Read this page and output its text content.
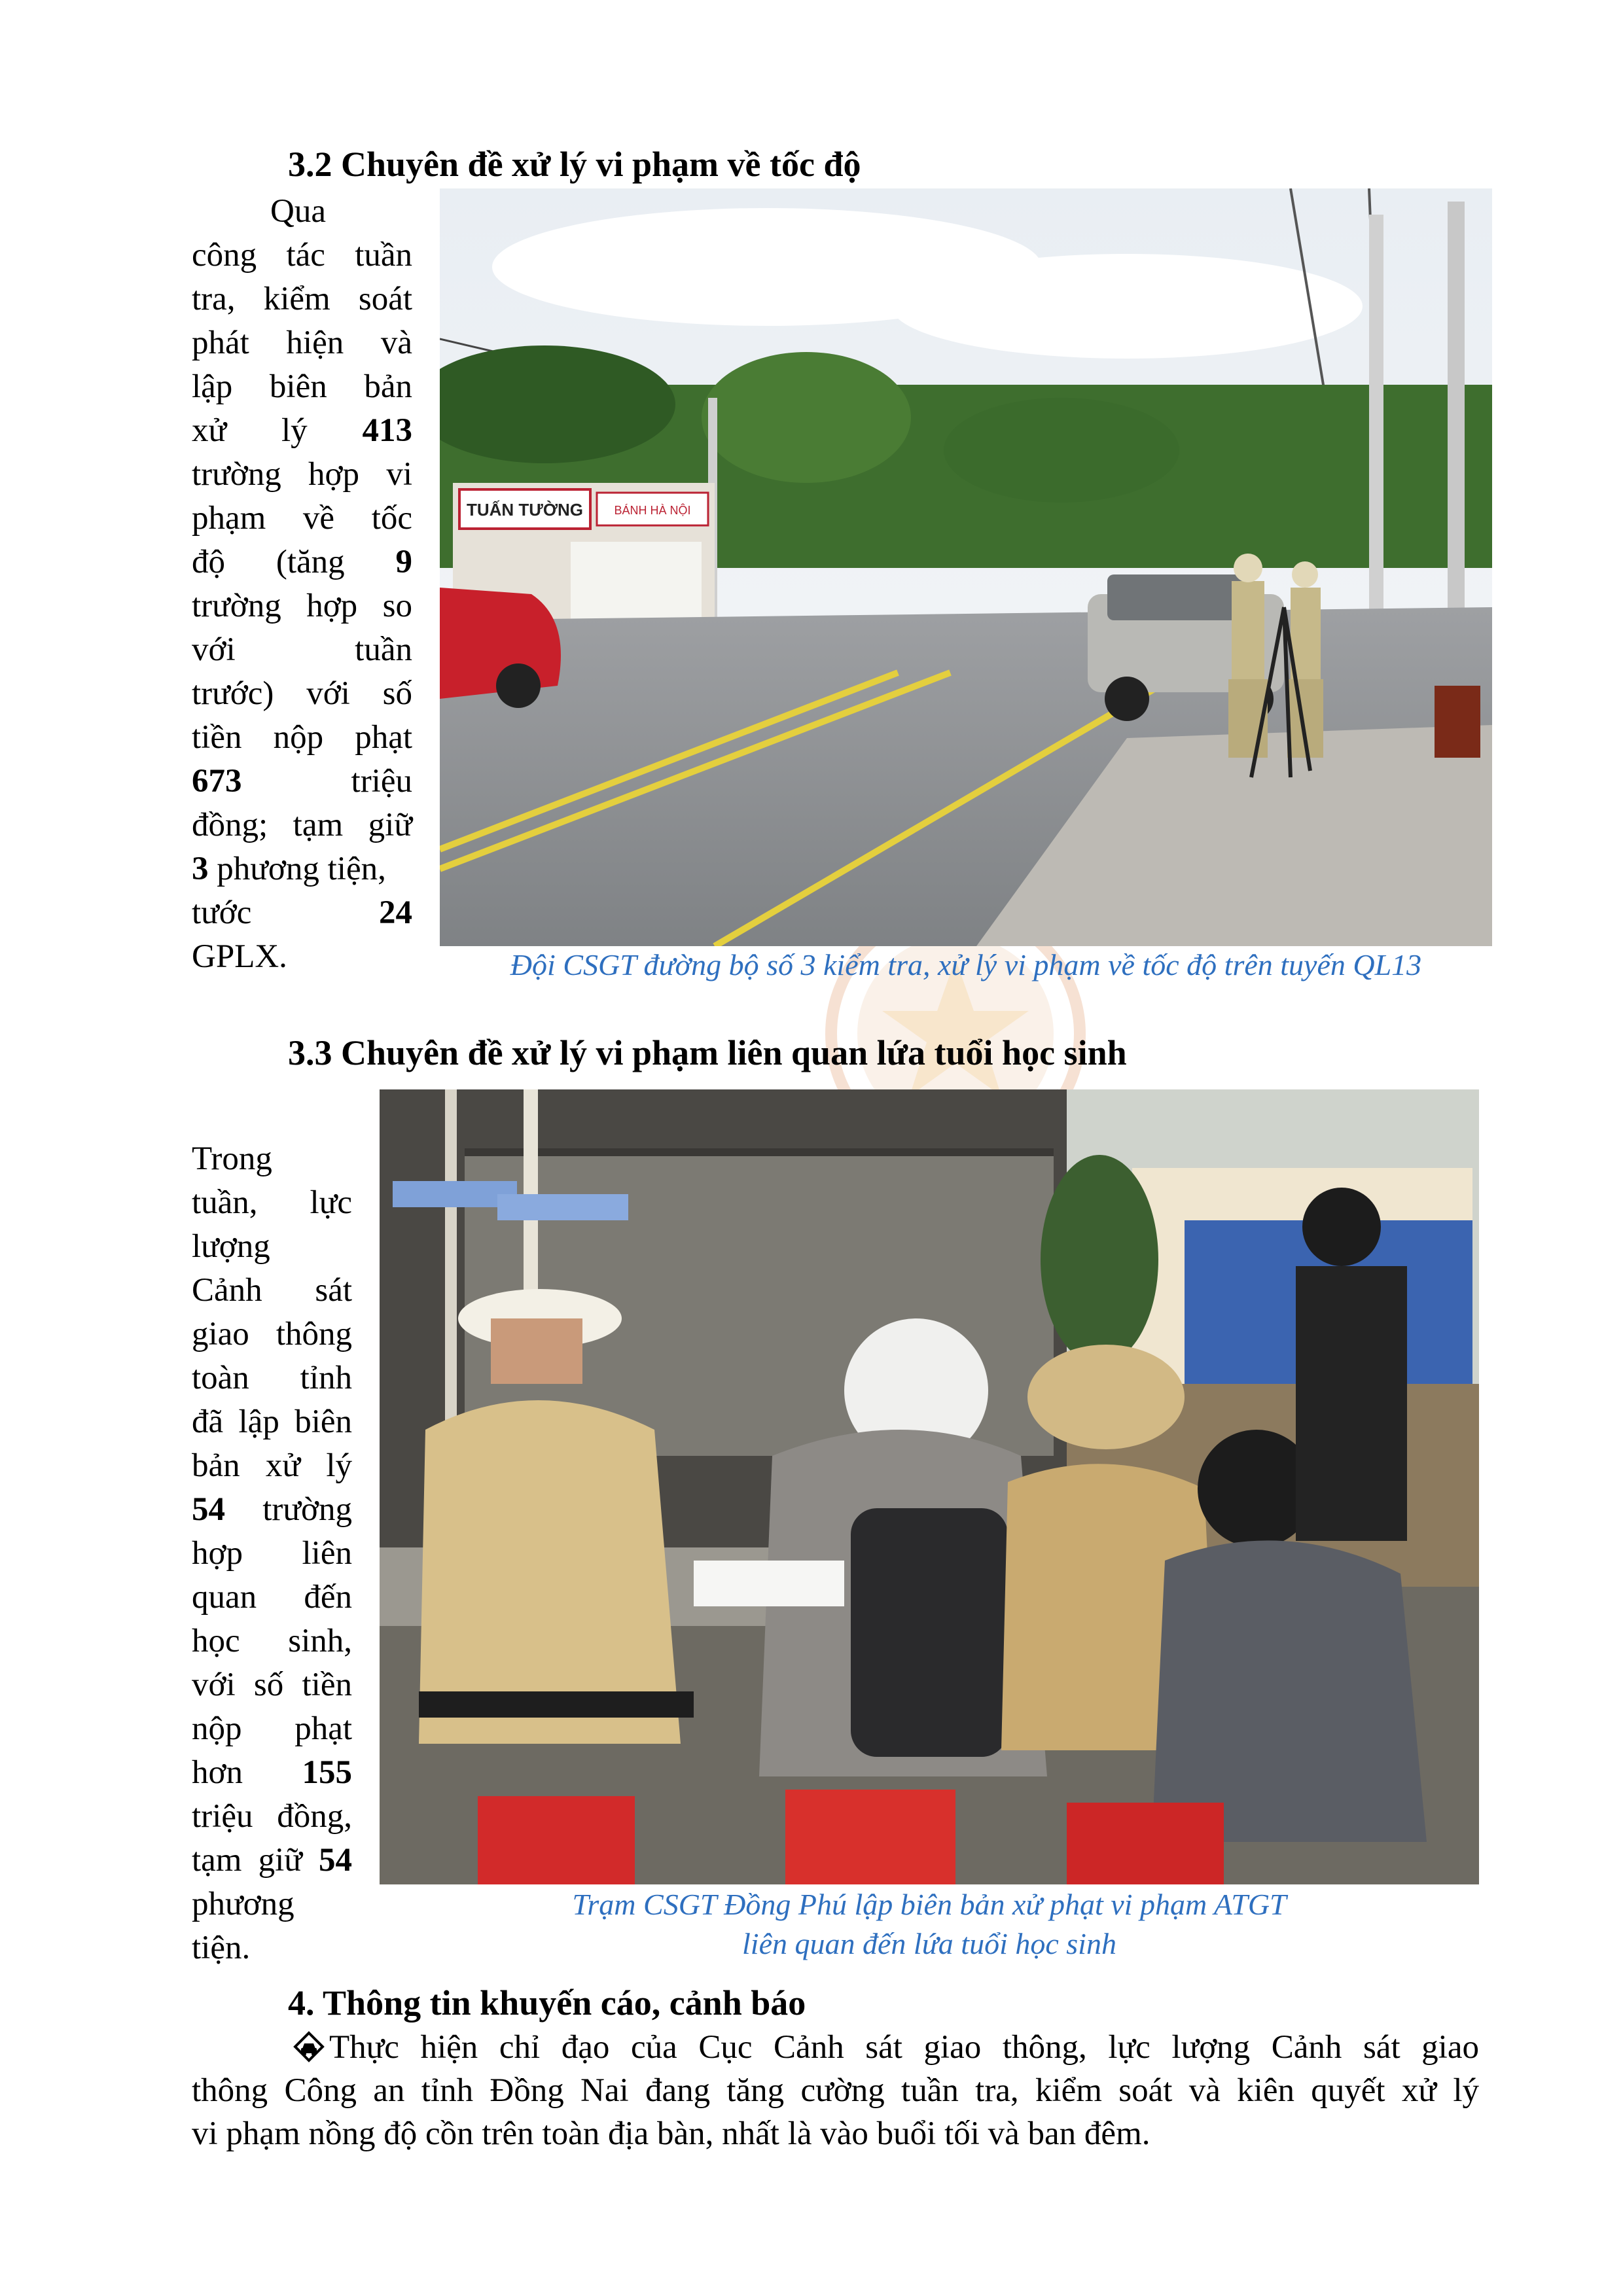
3.2 Chuyên đề xử lý vi phạm về tốc độ
Qua
công tác tuần
tra, kiểm soát
phát hiện và
lập biên bản
xử lý 413
trường hợp vi
phạm về tốc
độ (tăng 9
trường hợp so
với tuần
trước) với số
tiền nộp phạt
673 triệu
đồng; tạm giữ
3 phương tiện,
tước 24
GPLX.
TUẤN TƯỜNG	BÁNH HÀ NỘI
Đội CSGT đường bộ số 3 kiểm tra, xử lý vi phạm về tốc độ trên tuyến QL13
3.3 Chuyên đề xử lý vi phạm liên quan lứa tuổi học sinh
Trong
tuần, lực
lượng
Cảnh sát
giao thông
toàn tỉnh
đã lập biên
bản xử lý
54 trường
hợp liên
quan đến
học sinh,
với số tiền
nộp phạt
hơn 155
triệu đồng,
tạm giữ 54
phương
tiện.
Trạm CSGT Đồng Phú lập biên bản xử phạt vi phạm ATGT
liên quan đến lứa tuổi học sinh
4. Thông tin khuyến cáo, cảnh báo
Thực hiện chỉ đạo của Cục Cảnh sát giao thông, lực lượng Cảnh sát giao
thông Công an tỉnh Đồng Nai đang tăng cường tuần tra, kiểm soát và kiên quyết xử lý
vi phạm nồng độ cồn trên toàn địa bàn, nhất là vào buổi tối và ban đêm.
